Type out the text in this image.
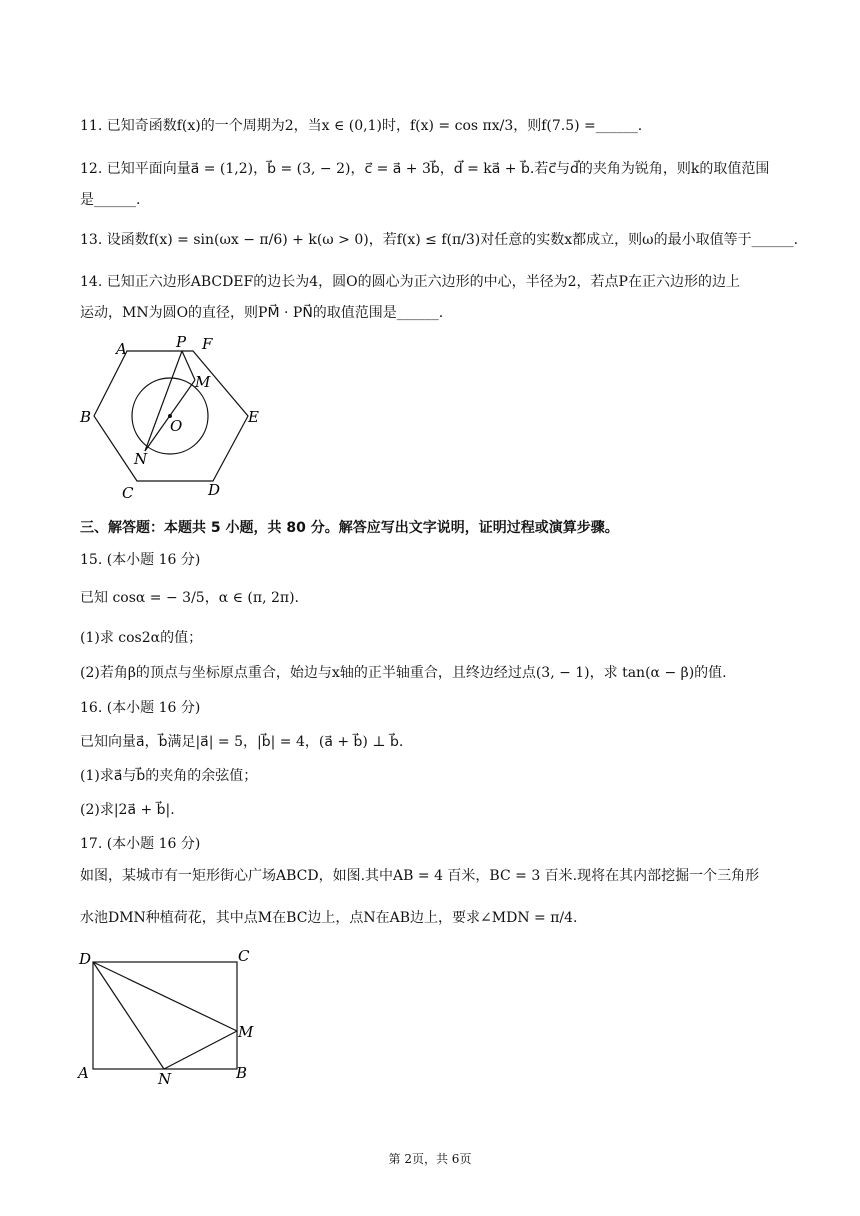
11. 已知奇函数f(x)的一个周期为2，当x ∈ (0,1)时，f(x) = cos πx/3，则f(7.5) =______.
12. 已知平面向量a⃗ = (1,2)，b⃗ = (3, − 2)，c⃗ = a⃗ + 3b⃗，d⃗ = ka⃗ + b⃗.若c⃗与d⃗的夹角为锐角，则k的取值范围
是______.
13. 设函数f(x) = sin(ωx − π/6) + k(ω > 0)，若f(x) ≤ f(π/3)对任意的实数x都成立，则ω的最小取值等于______.
14. 已知正六边形ABCDEF的边长为4，圆O的圆心为正六边形的中心，半径为2，若点P在正六边形的边上
运动，MN为圆O的直径，则PM⃗ · PN⃗的取值范围是______.
A	P F
M
B	O	E
N
C	D
三、解答题：本题共 5 小题，共 80 分。解答应写出文字说明，证明过程或演算步骤。
15. (本小题 16 分)
已知 cosα = − 3/5，α ∈ (π, 2π).
(1)求 cos2α的值；
(2)若角β的顶点与坐标原点重合，始边与x轴的正半轴重合，且终边经过点(3, − 1)，求 tan(α − β)的值.
16. (本小题 16 分)
已知向量a⃗，b⃗满足|a⃗| = 5，|b⃗| = 4，(a⃗ + b⃗) ⊥ b⃗.
(1)求a⃗与b⃗的夹角的余弦值；
(2)求|2a⃗ + b⃗|.
17. (本小题 16 分)
如图，某城市有一矩形街心广场ABCD，如图.其中AB = 4 百米，BC = 3 百米.现将在其内部挖掘一个三角形
水池DMN种植荷花，其中点M在BC边上，点N在AB边上，要求∠MDN = π/4.
D	C
M
A	N	B
第 2页，共 6页
